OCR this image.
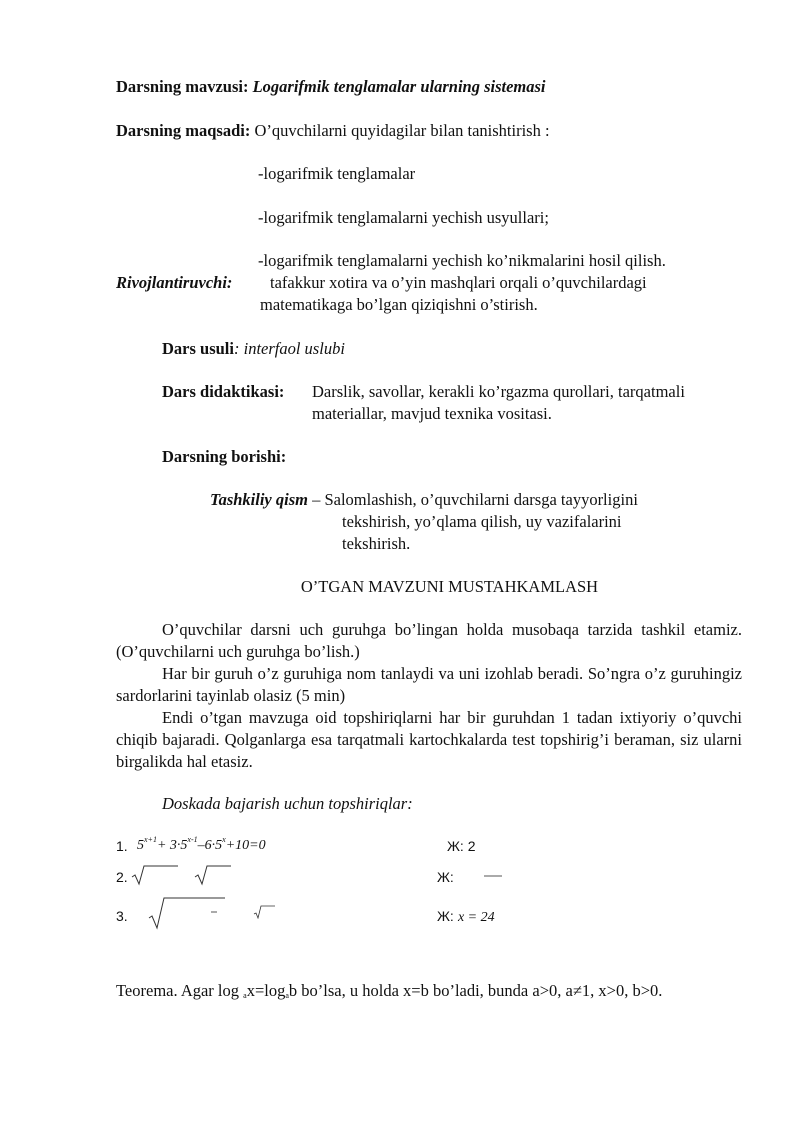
Darsning mavzusi: Logarifmik tenglamalar ularning sistemasi
Darsning maqsadi: O’quvchilarni quyidagilar bilan tanishtirish :
-logarifmik tenglamalar
-logarifmik tenglamalarni yechish usyullari;
-logarifmik tenglamalarni yechish ko’nikmalarini hosil qilish.
Rivojlantiruvchi: tafakkur xotira va o’yin mashqlari orqali o’quvchilardagi
matematikaga bo’lgan qiziqishni o’stirish.
Dars usuli: interfaol uslubi
Dars didaktikasi: Darslik, savollar, kerakli ko’rgazma qurollari, tarqatmali
materiallar, mavjud texnika vositasi.
Darsning borishi:
Tashkiliy qism – Salomlashish, o’quvchilarni darsga tayyorligini
tekshirish, yo’qlama qilish, uy vazifalarini
tekshirish.
O’TGAN MAVZUNI MUSTAHKAMLASH
O’quvchilar darsni uch guruhga bo’lingan holda musobaqa tarzida tashkil etamiz. (O’quvchilarni uch guruhga bo’lish.)
Har bir guruh o’z guruhiga nom tanlaydi va uni izohlab beradi. So’ngra o’z guruhingiz sardorlarini tayinlab olasiz (5 min)
Endi o’tgan mavzuga oid topshiriqlarni har bir guruhdan 1 tadan ixtiyoriy o’quvchi chiqib bajaradi. Qolganlarga esa tarqatmali kartochkalarda test topshirig’i beraman, siz ularni birgalikda hal etasiz.
Doskada bajarish uchun topshiriqlar:
1. $5^{x+1}+ 3\cdot 5^{x-1}-6\cdot 5^x+10=0$	Ж: 2
2.	Ж:
3.	Ж: x = 24
Teorema. Agar $\log _ax=\log_ab$ bo’lsa, u holda x=b bo’ladi, bunda a>0, a≠1, x>0, b>0.
